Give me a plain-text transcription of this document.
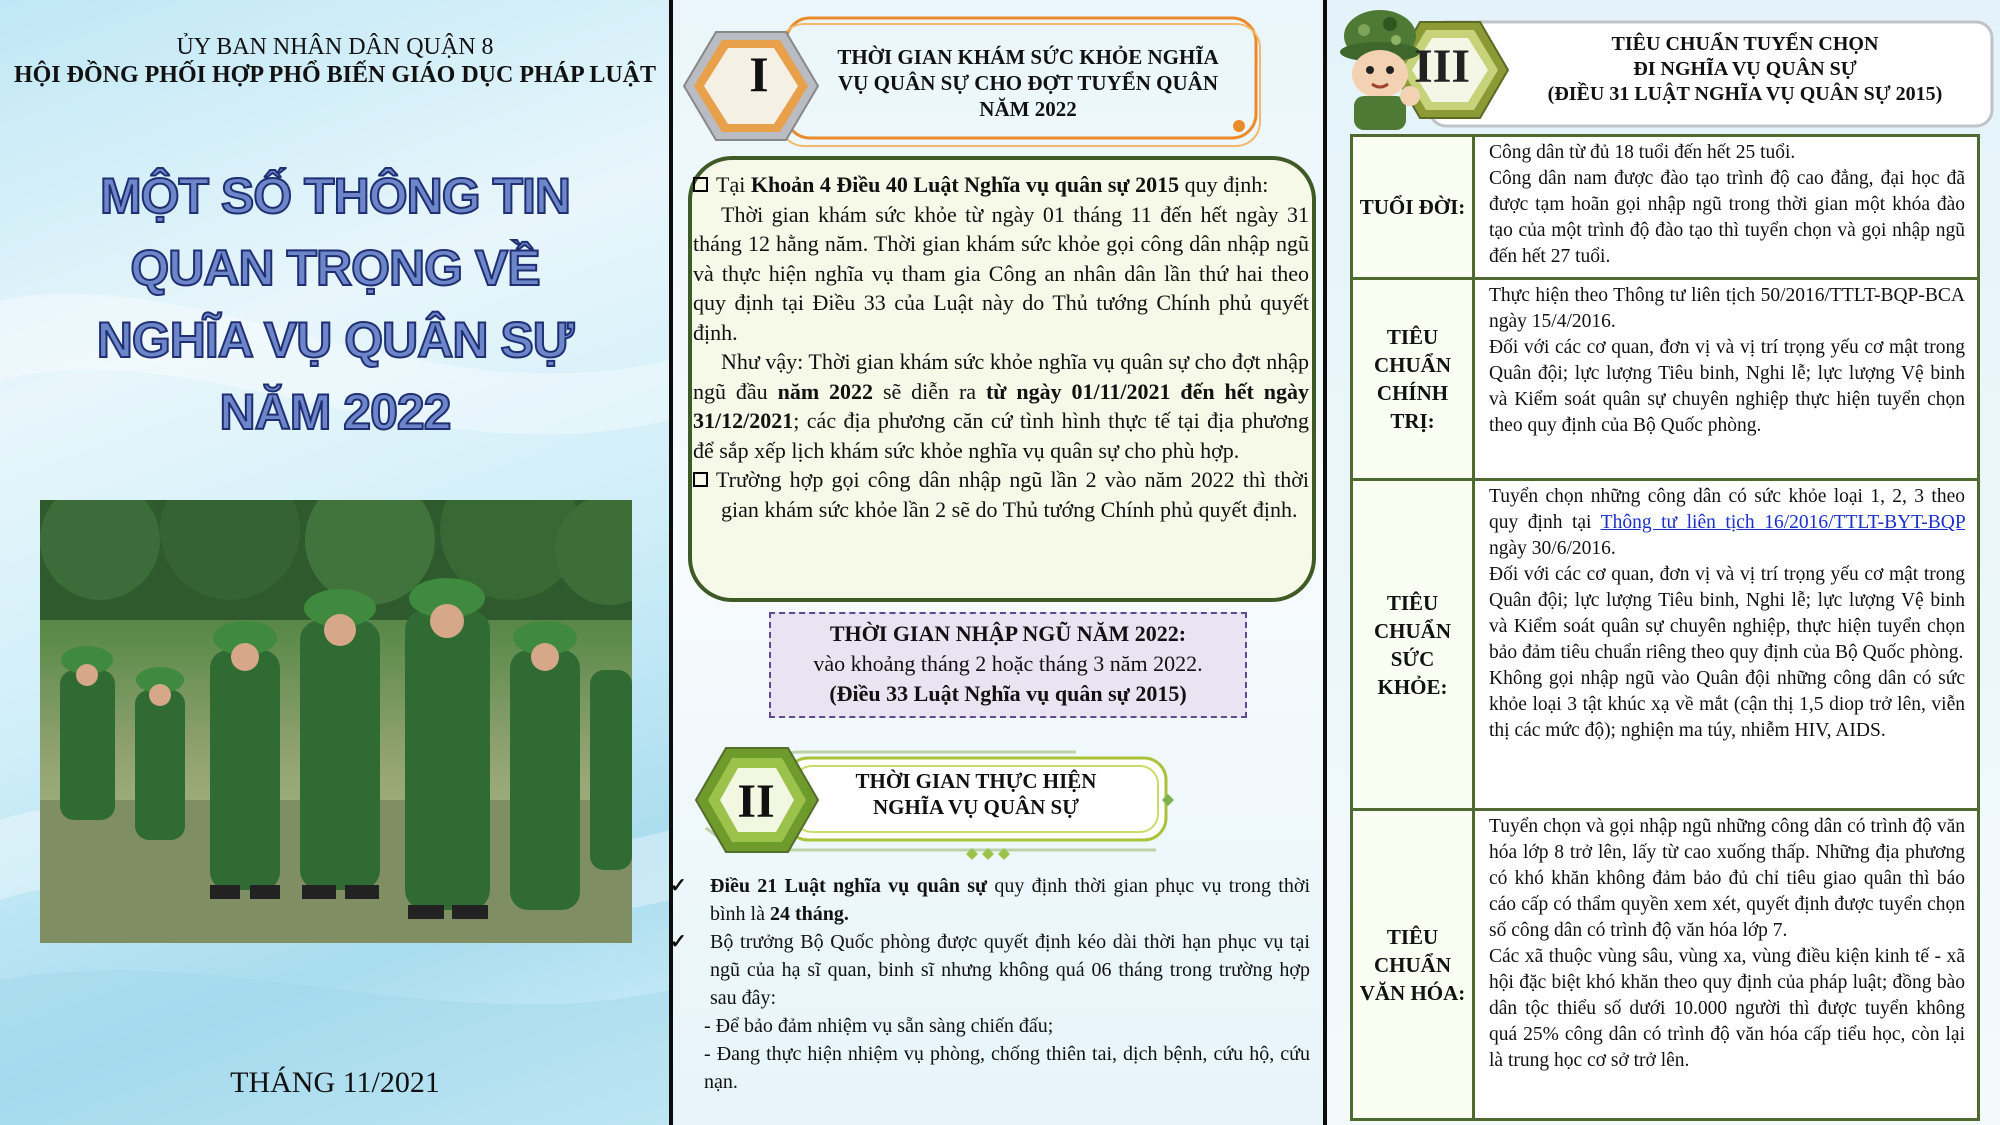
ỦY BAN NHÂN DÂN QUẬN 8
HỘI ĐỒNG PHỐI HỢP PHỔ BIẾN GIÁO DỤC PHÁP LUẬT
MỘT SỐ THÔNG TIN
QUAN TRỌNG VỀ
NGHĨA VỤ QUÂN SỰ
NĂM 2022
THÁNG 11/2021
I	THỜI GIAN KHÁM SỨC KHỎE NGHĨA
VỤ QUÂN SỰ CHO ĐỢT TUYỂN QUÂN
NĂM 2022

Tại Khoản 4 Điều 40 Luật Nghĩa vụ quân sự 2015 quy định:

Thời gian khám sức khỏe từ ngày 01 tháng 11 đến hết ngày 31 tháng 12 hằng năm. Thời gian khám sức khỏe gọi công dân nhập ngũ và thực hiện nghĩa vụ tham gia Công an nhân dân lần thứ hai theo quy định tại Điều 33 của Luật này do Thủ tướng Chính phủ quyết định.

Như vậy: Thời gian khám sức khỏe nghĩa vụ quân sự cho đợt nhập ngũ đầu năm 2022 sẽ diễn ra từ ngày 01/11/2021 đến hết ngày 31/12/2021; các địa phương căn cứ tình hình thực tế tại địa phương để sắp xếp lịch khám sức khỏe nghĩa vụ quân sự cho phù hợp.

Trường hợp gọi công dân nhập ngũ lần 2 vào năm 2022 thì thời gian khám sức khỏe lần 2 sẽ do Thủ tướng Chính phủ quyết định.

THỜI GIAN NHẬP NGŨ NĂM 2022:
vào khoảng tháng 2 hoặc tháng 3 năm 2022.
(Điều 33 Luật Nghĩa vụ quân sự 2015)
II	THỜI GIAN THỰC HIỆN
NGHĨA VỤ QUÂN SỰ

✓ Điều 21 Luật nghĩa vụ quân sự quy định thời gian phục vụ trong thời bình là 24 tháng.

✓ Bộ trưởng Bộ Quốc phòng được quyết định kéo dài thời hạn phục vụ tại ngũ của hạ sĩ quan, binh sĩ nhưng không quá 06 tháng trong trường hợp sau đây:

- Để bảo đảm nhiệm vụ sẵn sàng chiến đấu;

- Đang thực hiện nhiệm vụ phòng, chống thiên tai, dịch bệnh, cứu hộ, cứu nạn.

III	TIÊU CHUẨN TUYỂN CHỌN
ĐI NGHĨA VỤ QUÂN SỰ
(ĐIỀU 31 LUẬT NGHĨA VỤ QUÂN SỰ 2015)
TUỔI ĐỜI:	Công dân từ đủ 18 tuổi đến hết 25 tuổi.
Công dân nam được đào tạo trình độ cao đẳng, đại học đã được tạm hoãn gọi nhập ngũ trong thời gian một khóa đào tạo của một trình độ đào tạo thì tuyển chọn và gọi nhập ngũ đến hết 27 tuổi.

TIÊU CHUẨN CHÍNH TRỊ:	Thực hiện theo Thông tư liên tịch 50/2016/TTLT-BQP-BCA ngày 15/4/2016.
Đối với các cơ quan, đơn vị và vị trí trọng yếu cơ mật trong Quân đội; lực lượng Tiêu binh, Nghi lễ; lực lượng Vệ binh và Kiểm soát quân sự chuyên nghiệp thực hiện tuyển chọn theo quy định của Bộ Quốc phòng.

TIÊU CHUẨN SỨC KHỎE:	Tuyển chọn những công dân có sức khỏe loại 1, 2, 3 theo quy định tại Thông tư liên tịch 16/2016/TTLT-BYT-BQP ngày 30/6/2016.
Đối với các cơ quan, đơn vị và vị trí trọng yếu cơ mật trong Quân đội; lực lượng Tiêu binh, Nghi lễ; lực lượng Vệ binh và Kiểm soát quân sự chuyên nghiệp, thực hiện tuyển chọn bảo đảm tiêu chuẩn riêng theo quy định của Bộ Quốc phòng.
Không gọi nhập ngũ vào Quân đội những công dân có sức khỏe loại 3 tật khúc xạ về mắt (cận thị 1,5 diop trở lên, viễn thị các mức độ); nghiện ma túy, nhiễm HIV, AIDS.

TIÊU CHUẨN VĂN HÓA:	Tuyển chọn và gọi nhập ngũ những công dân có trình độ văn hóa lớp 8 trở lên, lấy từ cao xuống thấp. Những địa phương có khó khăn không đảm bảo đủ chỉ tiêu giao quân thì báo cáo cấp có thẩm quyền xem xét, quyết định được tuyển chọn số công dân có trình độ văn hóa lớp 7.
Các xã thuộc vùng sâu, vùng xa, vùng điều kiện kinh tế - xã hội đặc biệt khó khăn theo quy định của pháp luật; đồng bào dân tộc thiểu số dưới 10.000 người thì được tuyển không quá 25% công dân có trình độ văn hóa cấp tiểu học, còn lại là trung học cơ sở trở lên.
